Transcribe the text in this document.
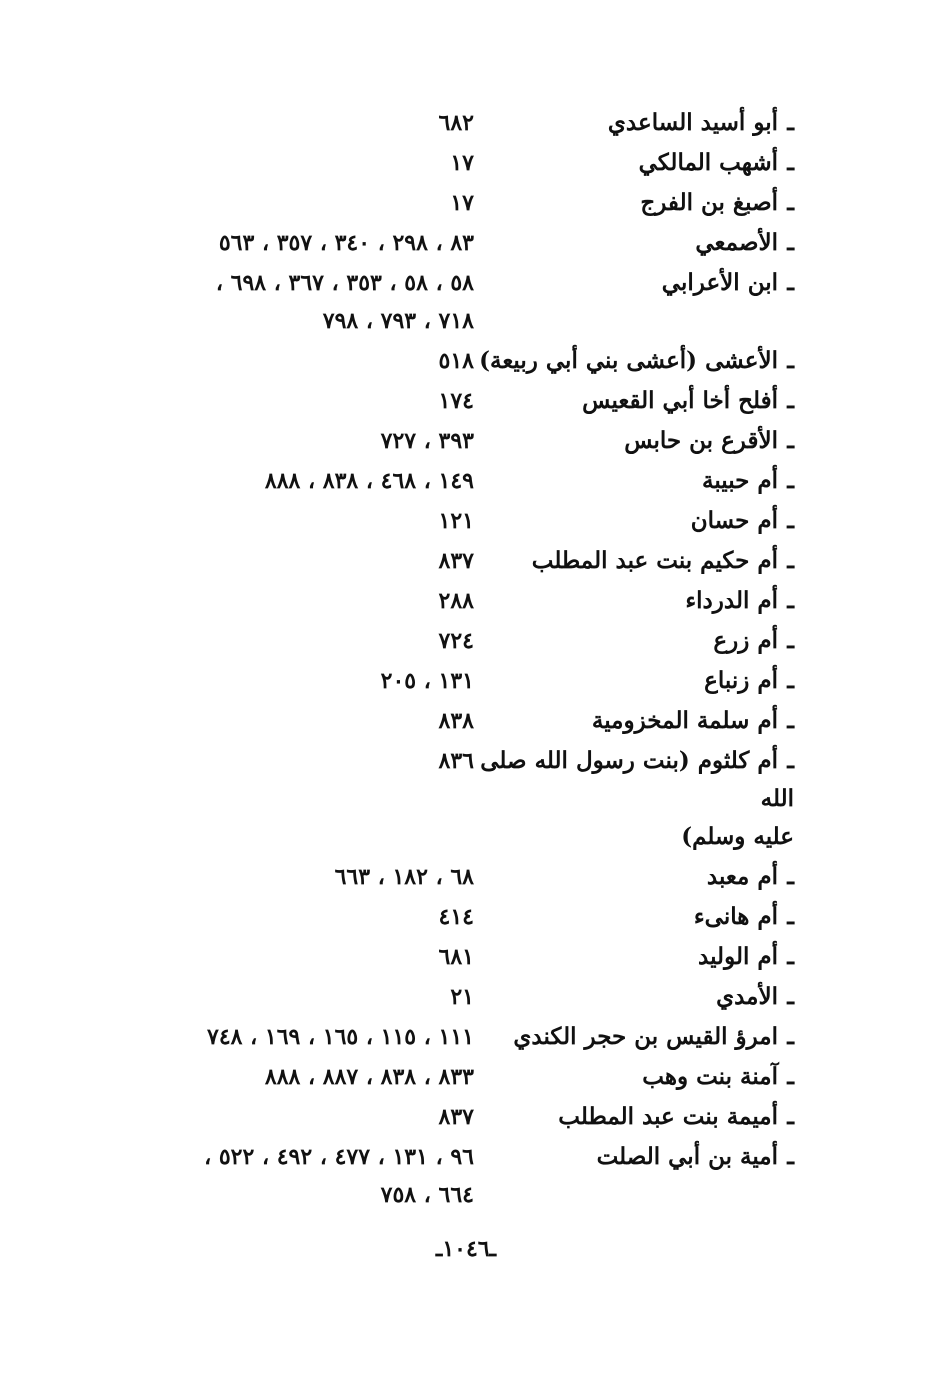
ـأبو أسيد الساعدي
٦٨٢
ـأشهب المالكي
١٧
ـأصبغ بن الفرج
١٧
ـالأصمعي
٨٣ ، ٢٩٨ ، ٣٤٠ ، ٣٥٧ ، ٥٦٣
ـابن الأعرابي
٥٨ ، ٥٨ ، ٣٥٣ ، ٣٦٧ ، ٦٩٨ ،
٧١٨ ، ٧٩٣ ، ٧٩٨
ـالأعشى (أعشى بني أبي ربيعة)
٥١٨
ـأفلح أخا أبي القعيس
١٧٤
ـالأقرع بن حابس
٣٩٣ ، ٧٢٧
ـأم حبيبة
١٤٩ ، ٤٦٨ ، ٨٣٨ ، ٨٨٨
ـأم حسان
١٢١
ـأم حكيم بنت عبد المطلب
٨٣٧
ـأم الدرداء
٢٨٨
ـأم زرع
٧٢٤
ـأم زنباع
١٣١ ، ٢٠٥
ـأم سلمة المخزومية
٨٣٨
ـأم كلثوم (بنت رسول الله صلى الله
عليه وسلم)
٨٣٦
ـأم معبد
٦٨ ، ١٨٢ ، ٦٦٣
ـأم هانىء
٤١٤
ـأم الوليد
٦٨١
ـالأمدي
٢١
ـامرؤ القيس بن حجر الكندي
١١١ ، ١١٥ ، ١٦٥ ، ١٦٩ ، ٧٤٨
ـآمنة بنت وهب
٨٣٣ ، ٨٣٨ ، ٨٨٧ ، ٨٨٨
ـأميمة بنت عبد المطلب
٨٣٧
ـأمية بن أبي الصلت
٩٦ ، ١٣١ ، ٤٧٧ ، ٤٩٢ ، ٥٢٢ ،
٦٦٤ ، ٧٥٨
ـ١٠٤٦ـ
